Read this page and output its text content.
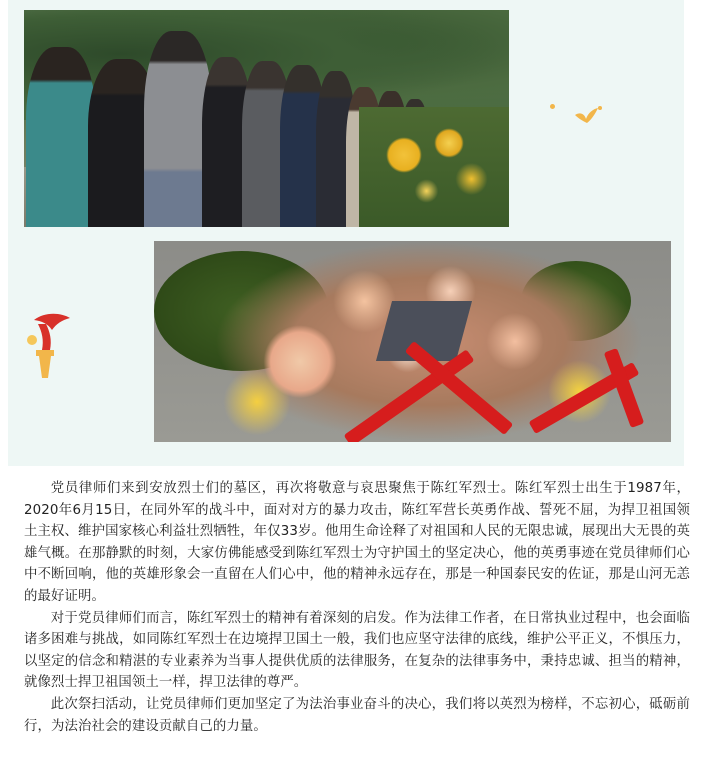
党员律师们来到安放烈士们的墓区，再次将敬意与哀思聚焦于陈红军烈士。陈红军烈士出生于1987年，2020年6月15日，在同外军的战斗中，面对对方的暴力攻击，陈红军营长英勇作战、誓死不屈，为捍卫祖国领土主权、维护国家核心利益壮烈牺牲，年仅33岁。他用生命诠释了对祖国和人民的无限忠诚，展现出大无畏的英雄气概。在那静默的时刻，大家仿佛能感受到陈红军烈士为守护国土的坚定决心，他的英勇事迹在党员律师们心中不断回响，他的英雄形象会一直留在人们心中，他的精神永远存在，那是一种国泰民安的佐证，那是山河无恙的最好证明。

对于党员律师们而言，陈红军烈士的精神有着深刻的启发。作为法律工作者，在日常执业过程中，也会面临诸多困难与挑战，如同陈红军烈士在边境捍卫国土一般，我们也应坚守法律的底线，维护公平正义，不惧压力，以坚定的信念和精湛的专业素养为当事人提供优质的法律服务，在复杂的法律事务中，秉持忠诚、担当的精神，就像烈士捍卫祖国领土一样，捍卫法律的尊严。

此次祭扫活动，让党员律师们更加坚定了为法治事业奋斗的决心，我们将以英烈为榜样，不忘初心，砥砺前行，为法治社会的建设贡献自己的力量。
